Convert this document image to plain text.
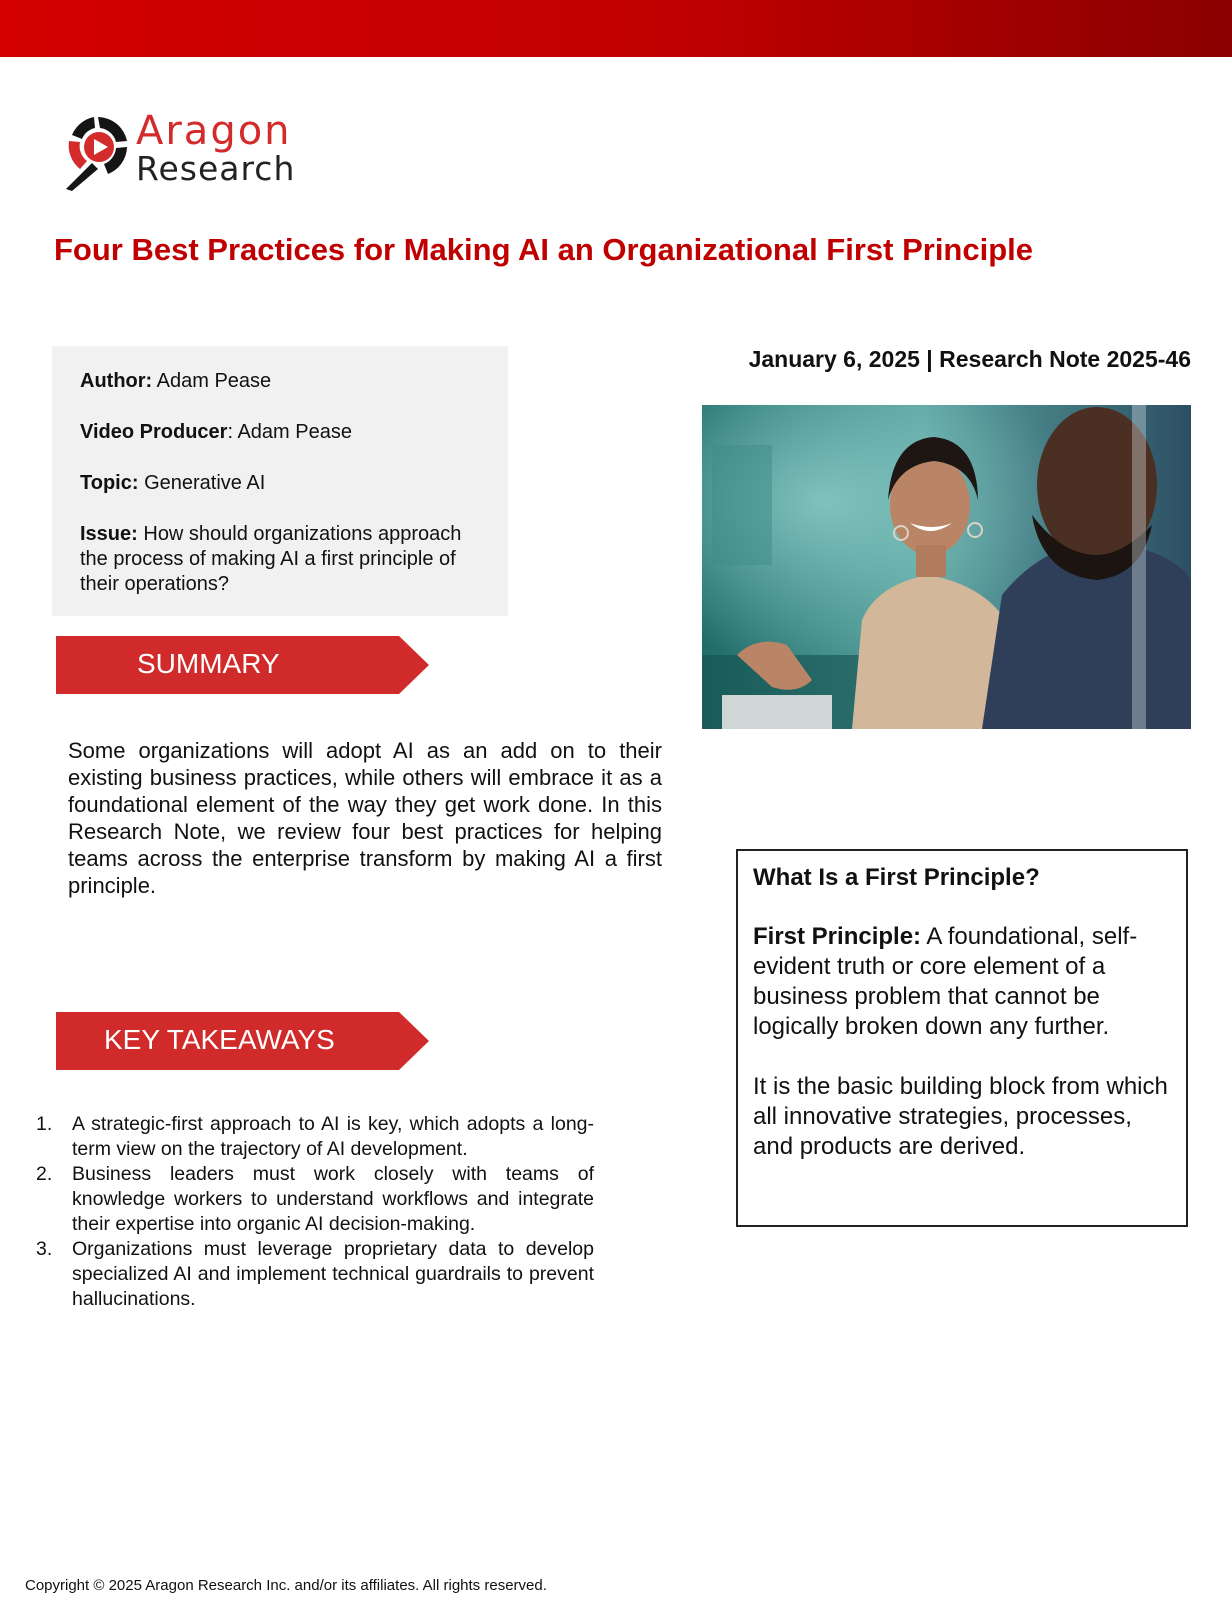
Aragon
Research
Four Best Practices for Making AI an Organizational First Principle
Author: Adam Pease
Video Producer: Adam Pease
Topic: Generative AI
Issue: How should organizations approach the process of making AI a first principle of their operations?
January 6, 2025 | Research Note 2025-46
SUMMARY
Some organizations will adopt AI as an add on to their existing business practices, while others will embrace it as a foundational element of the way they get work done. In this Research Note, we review four best practices for helping teams across the enterprise transform by making AI a first principle.
KEY TAKEAWAYS
1. A strategic-first approach to AI is key, which adopts a long-term view on the trajectory of AI development.
2. Business leaders must work closely with teams of knowledge workers to understand workflows and integrate their expertise into organic AI decision-making.
3. Organizations must leverage proprietary data to develop specialized AI and implement technical guardrails to prevent hallucinations.
What Is a First Principle?
First Principle: A foundational, self-evident truth or core element of a business problem that cannot be logically broken down any further.
It is the basic building block from which all innovative strategies, processes, and products are derived.
Copyright © 2025 Aragon Research Inc. and/or its affiliates. All rights reserved.
